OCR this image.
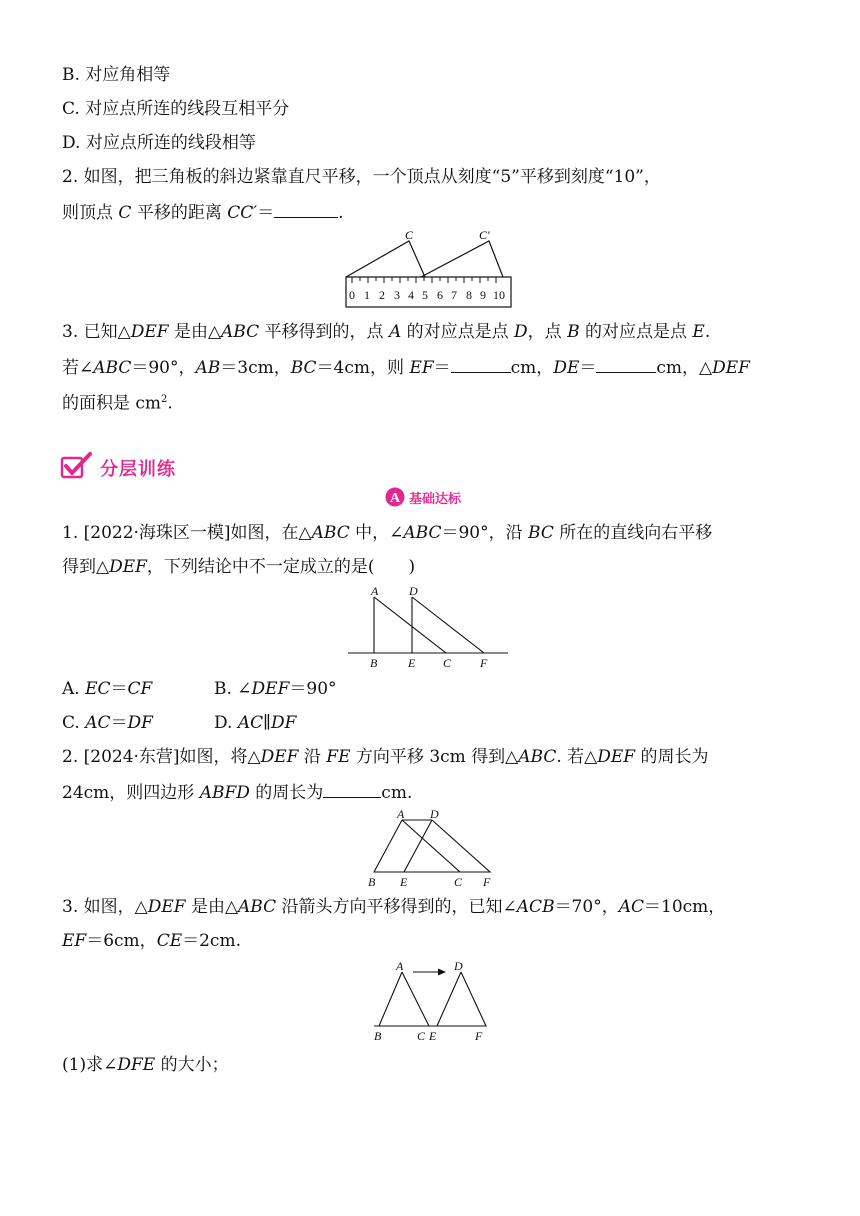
B. 对应角相等
C. 对应点所连的线段互相平分
D. 对应点所连的线段相等
2. 如图，把三角板的斜边紧靠直尺平移，一个顶点从刻度“5”平移到刻度“10”，
则顶点 C 平移的距离 CC′＝	.
0 1 2 3 4 5 6 7 8 9 10
C	C′
3. 已知△DEF 是由△ABC 平移得到的，点 A 的对应点是点 D，点 B 的对应点是点 E.
若∠ABC＝90°，AB＝3cm，BC＝4cm，则 EF＝	cm，DE＝	cm，△DEF
的面积是 $cm^2$.
分层训练
A 基础达标
1. [2022·海珠区一模]如图，在△ABC 中，∠ABC＝90°，沿 BC 所在的直线向右平移
得到△DEF，下列结论中不一定成立的是(　　)
A	D
B	E C F
A. EC＝CF	B. ∠DEF＝90°
C. AC＝DF	D. AC∥DF
2. [2024·东营]如图，将△DEF 沿 FE 方向平移 3cm 得到△ABC. 若△DEF 的周长为
24cm，则四边形 ABFD 的周长为	cm.
A D
B E	C F
3. 如图，△DEF 是由△ABC 沿箭头方向平移得到的，已知∠ACB＝70°，AC＝10cm，
EF＝6cm，CE＝2cm.
A	D
B	C E	F
(1)求∠DFE 的大小；
